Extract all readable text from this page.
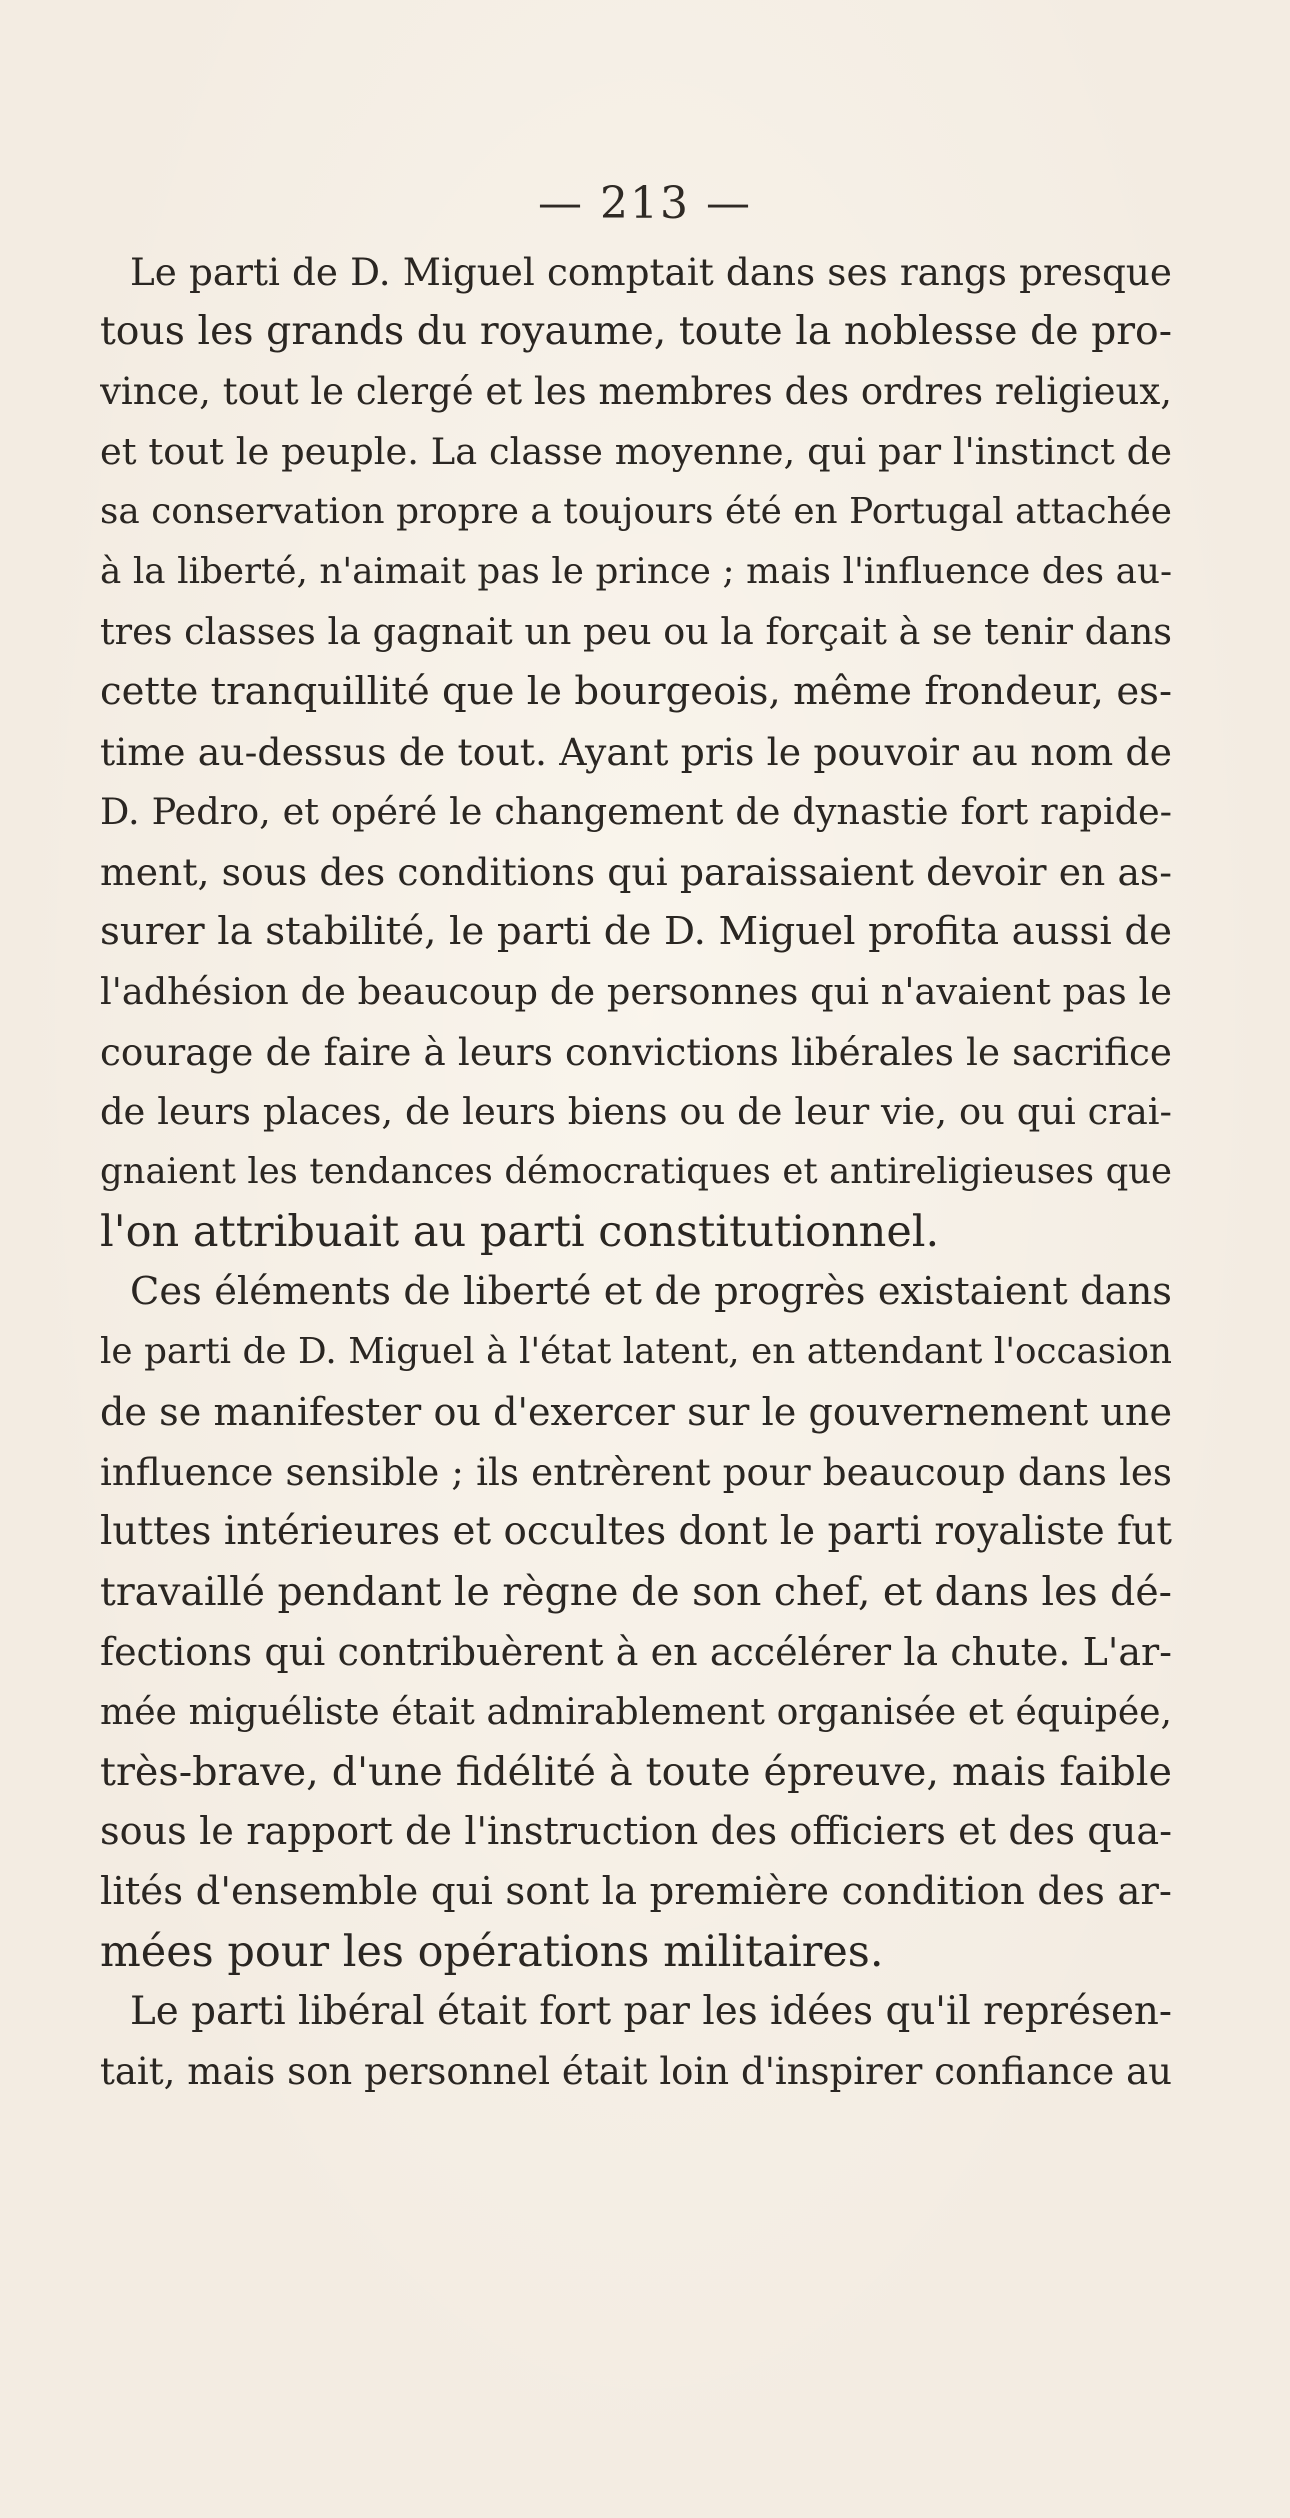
— 213 —
Le parti de D. Miguel comptait dans ses rangs presque
tous les grands du royaume, toute la noblesse de pro-
vince, tout le clergé et les membres des ordres religieux,
et tout le peuple. La classe moyenne, qui par l'instinct de
sa conservation propre a toujours été en Portugal attachée
à la liberté, n'aimait pas le prince ; mais l'influence des au-
tres classes la gagnait un peu ou la forçait à se tenir dans
cette tranquillité que le bourgeois, même frondeur, es-
time au-dessus de tout. Ayant pris le pouvoir au nom de
D. Pedro, et opéré le changement de dynastie fort rapide-
ment, sous des conditions qui paraissaient devoir en as-
surer la stabilité, le parti de D. Miguel profita aussi de
l'adhésion de beaucoup de personnes qui n'avaient pas le
courage de faire à leurs convictions libérales le sacrifice
de leurs places, de leurs biens ou de leur vie, ou qui crai-
gnaient les tendances démocratiques et antireligieuses que
l'on attribuait au parti constitutionnel.
Ces éléments de liberté et de progrès existaient dans
le parti de D. Miguel à l'état latent, en attendant l'occasion
de se manifester ou d'exercer sur le gouvernement une
influence sensible ; ils entrèrent pour beaucoup dans les
luttes intérieures et occultes dont le parti royaliste fut
travaillé pendant le règne de son chef, et dans les dé-
fections qui contribuèrent à en accélérer la chute. L'ar-
mée miguéliste était admirablement organisée et équipée,
très-brave, d'une fidélité à toute épreuve, mais faible
sous le rapport de l'instruction des officiers et des qua-
lités d'ensemble qui sont la première condition des ar-
mées pour les opérations militaires.
Le parti libéral était fort par les idées qu'il représen-
tait, mais son personnel était loin d'inspirer confiance au
